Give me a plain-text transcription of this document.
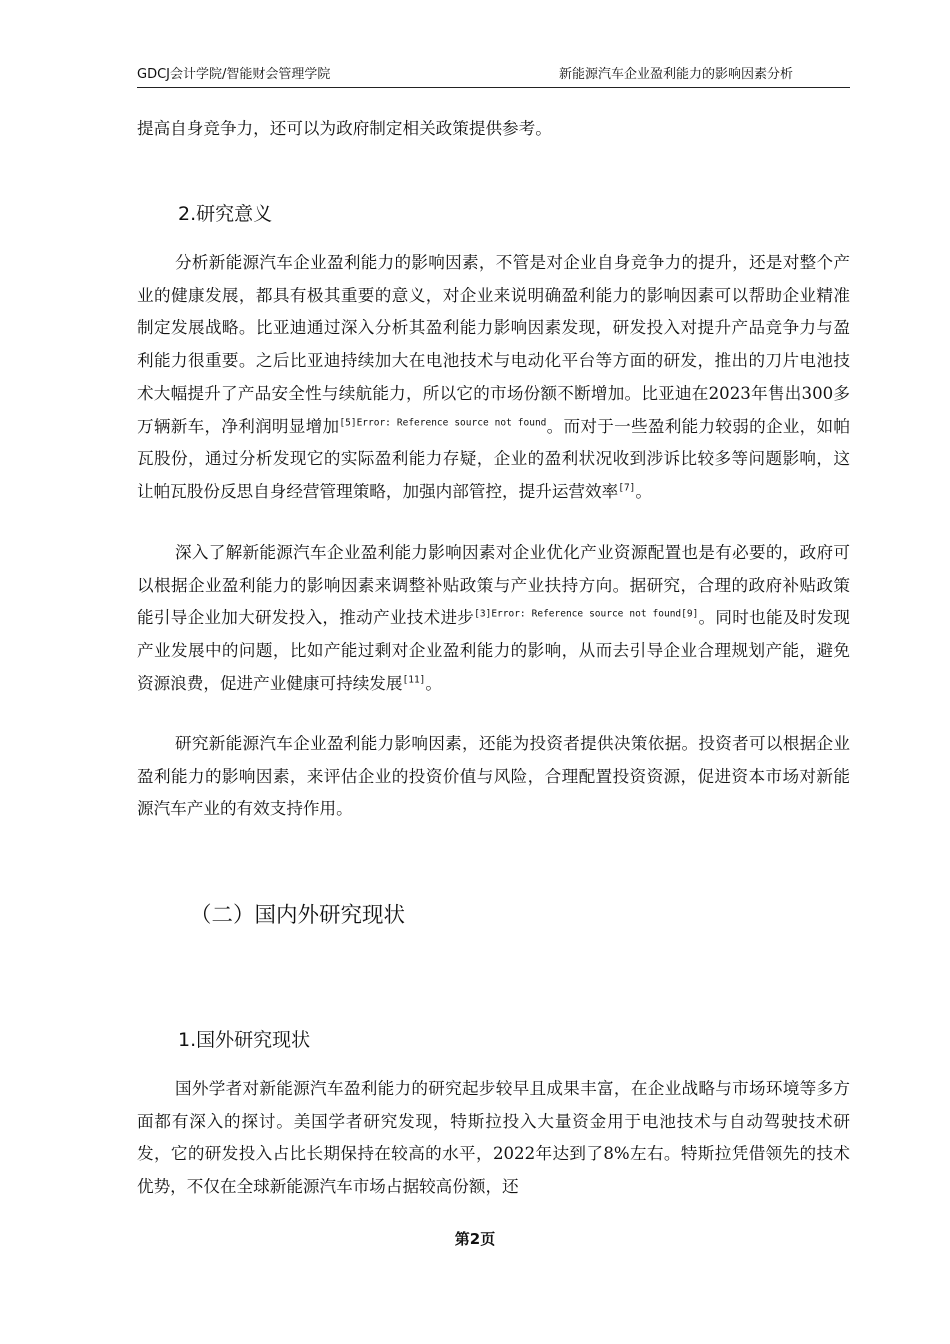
GDCJ会计学院/智能财会管理学院	新能源汽车企业盈利能力的影响因素分析

提高自身竞争力，还可以为政府制定相关政策提供参考。

2.研究意义

分析新能源汽车企业盈利能力的影响因素，不管是对企业自身竞争力的提升，还是对整个产业的健康发展，都具有极其重要的意义，对企业来说明确盈利能力的影响因素可以帮助企业精准制定发展战略。比亚迪通过深入分析其盈利能力影响因素发现，研发投入对提升产品竞争力与盈利能力很重要。之后比亚迪持续加大在电池技术与电动化平台等方面的研发，推出的刀片电池技术大幅提升了产品安全性与续航能力，所以它的市场份额不断增加。比亚迪在2023年售出300多万辆新车，净利润明显增加$^{[5]Error: Reference source not found}$。而对于一些盈利能力较弱的企业，如帕瓦股份，通过分析发现它的实际盈利能力存疑，企业的盈利状况收到涉诉比较多等问题影响，这让帕瓦股份反思自身经营管理策略，加强内部管控，提升运营效率[7]。

深入了解新能源汽车企业盈利能力影响因素对企业优化产业资源配置也是有必要的，政府可以根据企业盈利能力的影响因素来调整补贴政策与产业扶持方向。据研究，合理的政府补贴政策能引导企业加大研发投入，推动产业技术进步[3]Error: Reference source not found[9]。同时也能及时发现产业发展中的问题，比如产能过剩对企业盈利能力的影响，从而去引导企业合理规划产能，避免资源浪费，促进产业健康可持续发展[11]。

研究新能源汽车企业盈利能力影响因素，还能为投资者提供决策依据。投资者可以根据企业盈利能力的影响因素，来评估企业的投资价值与风险，合理配置投资资源，促进资本市场对新能源汽车产业的有效支持作用。

（二）国内外研究现状
1.国外研究现状

国外学者对新能源汽车盈利能力的研究起步较早且成果丰富，在企业战略与市场环境等多方面都有深入的探讨。美国学者研究发现，特斯拉投入大量资金用于电池技术与自动驾驶技术研发，它的研发投入占比长期保持在较高的水平，2022年达到了8%左右。特斯拉凭借领先的技术优势，不仅在全球新能源汽车市场占据较高份额，还

第2页
